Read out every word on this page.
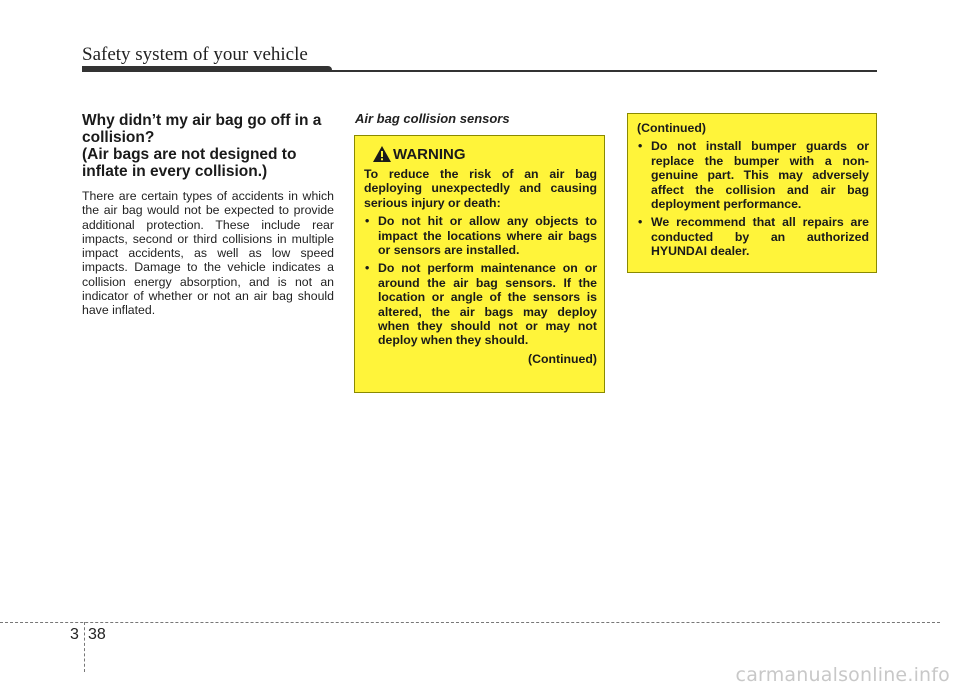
Safety system of your vehicle
Why didn’t my air bag go off in a
collision?
(Air bags are not designed to
inflate in every collision.)

There are certain types of accidents in which the air bag would not be expected to provide additional protection. These include rear impacts, second or third collisions in multiple impact accidents, as well as low speed impacts. Damage to the vehicle indicates a collision energy absorption, and is not an indicator of whether or not an air bag should have inflated.

Air bag collision sensors
WARNING

To reduce the risk of an air bag deploying unexpectedly and causing serious injury or death:

• Do not hit or allow any objects to impact the locations where air bags or sensors are installed.

• Do not perform maintenance on or around the air bag sensors. If the location or angle of the sensors is altered, the air bags may deploy when they should not or may not deploy when they should.

(Continued)

(Continued)

• Do not install bumper guards or replace the bumper with a non-genuine part. This may adversely affect the collision and air bag deployment performance.

• We recommend that all repairs are conducted by an authorized HYUNDAI dealer.

3 38
carmanualsonline.info
